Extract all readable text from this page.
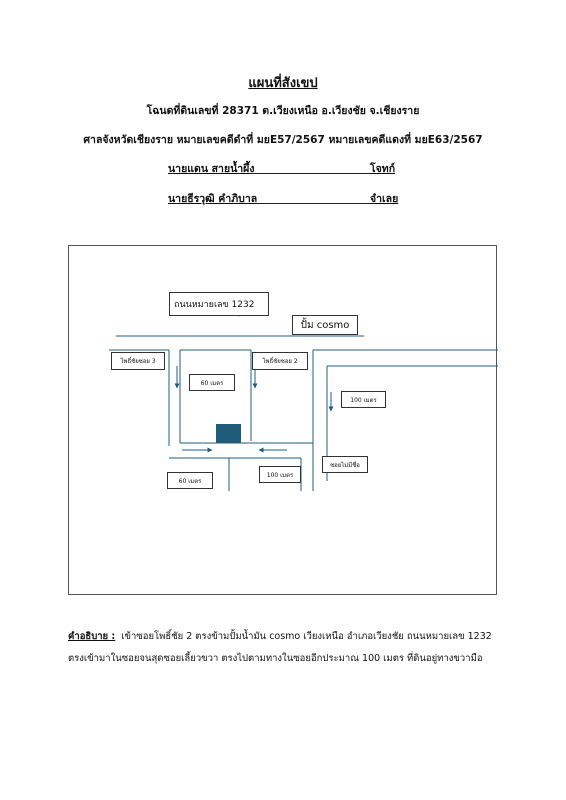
แผนที่สังเขป
โฉนดที่ดินเลขที่ 28371 ต.เวียงเหนือ อ.เวียงชัย จ.เชียงราย
ศาลจังหวัดเชียงราย หมายเลขคดีดำที่ มยE57/2567 หมายเลขคดีแดงที่ มยE63/2567
นายแดน สายน้ำผึ้ง	โจทก์
นายธีรวุฒิ คำภิบาล	จำเลย
ถนนหมายเลข 1232
ปั้ม cosmo
โพธิ์ชัยซอย 3	โพธิ์ชัยซอย 2
60 เมตร
100 เมตร
ซอยไม่มีชื่อ
100 เมตร
60 เมตร
คำอธิบาย : เข้าซอยโพธิ์ชัย 2 ตรงข้ามปั้มน้ำมัน cosmo เวียงเหนือ อำเภอเวียงชัย ถนนหมายเลข 1232 ตรงเข้ามาในซอยจนสุดซอยเลี้ยวขวา ตรงไปตามทางในซอยอีกประมาณ 100 เมตร ที่ดินอยู่ทางขวามือ
